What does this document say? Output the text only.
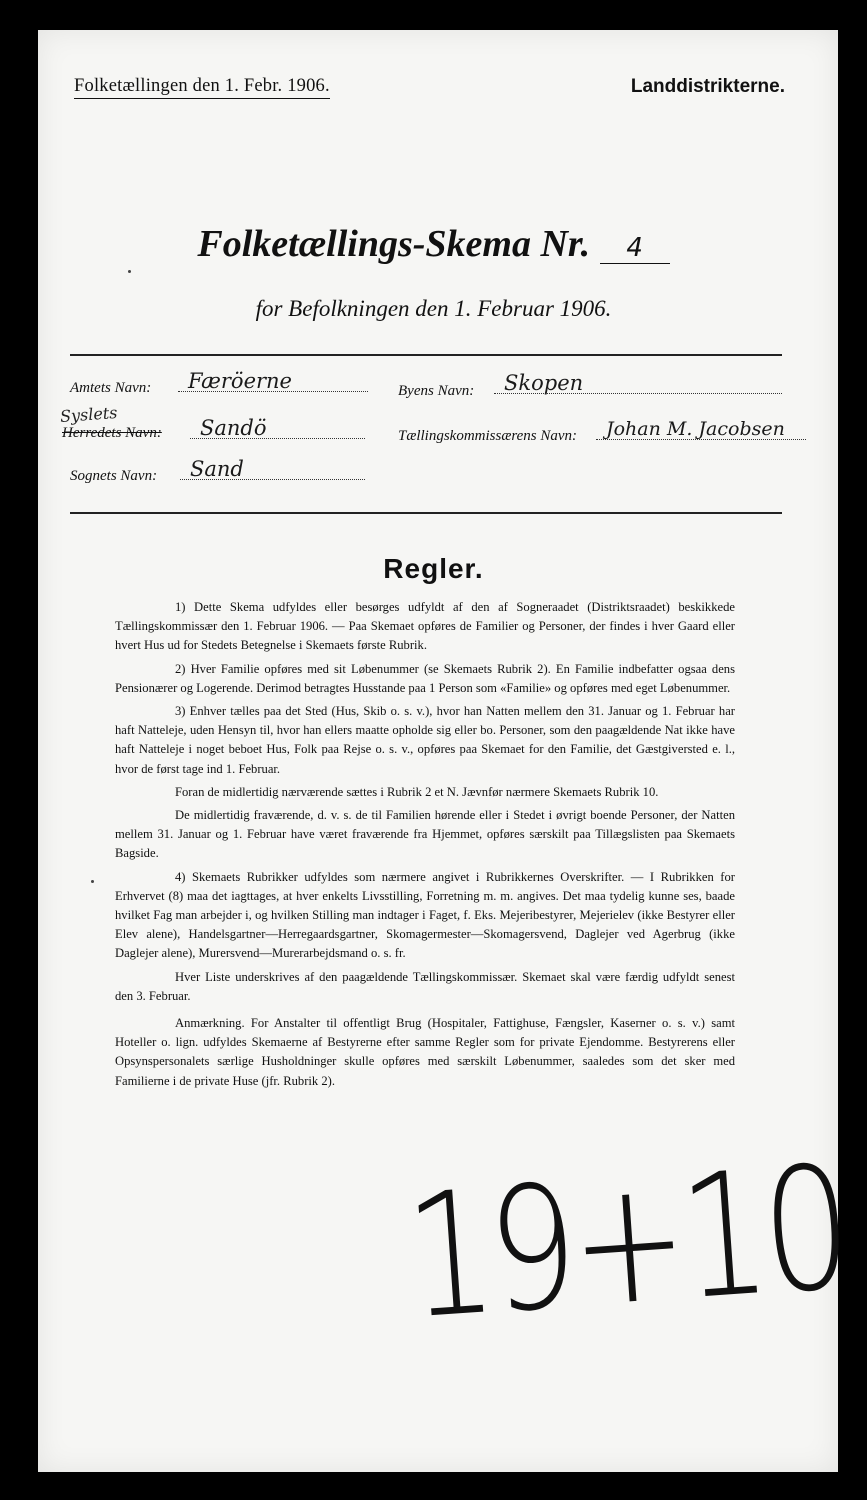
Folketællingen den 1. Febr. 1906.	Landdistrikterne.
Folketællings-Skema Nr. 4
for Befolkningen den 1. Februar 1906.
Amtets Navn:	Færöerne
Syslets
Herredets Navn:	Sandö
Sognets Navn:	Sand
Byens Navn:	Skopen
Tællingskommissærens Navn:	Johan M. Jacobsen
Regler.

1) Dette Skema udfyldes eller besørges udfyldt af den af Sogneraadet (Distriktsraadet) beskikkede Tællingskommissær den 1. Februar 1906. — Paa Skemaet opføres de Familier og Personer, der findes i hver Gaard eller hvert Hus ud for Stedets Betegnelse i Skemaets første Rubrik.

2) Hver Familie opføres med sit Løbenummer (se Skemaets Rubrik 2). En Familie indbefatter ogsaa dens Pensionærer og Logerende. Derimod betragtes Husstande paa 1 Person som «Familie» og opføres med eget Løbenummer.

3) Enhver tælles paa det Sted (Hus, Skib o. s. v.), hvor han Natten mellem den 31. Januar og 1. Februar har haft Natteleje, uden Hensyn til, hvor han ellers maatte opholde sig eller bo. Personer, som den paagældende Nat ikke have haft Natteleje i noget beboet Hus, Folk paa Rejse o. s. v., opføres paa Skemaet for den Familie, det Gæstgiversted e. l., hvor de først tage ind 1. Februar.

Foran de midlertidig nærværende sættes i Rubrik 2 et N. Jævnfør nærmere Skemaets Rubrik 10.

De midlertidig fraværende, d. v. s. de til Familien hørende eller i Stedet i øvrigt boende Personer, der Natten mellem 31. Januar og 1. Februar have været fraværende fra Hjemmet, opføres særskilt paa Tillægslisten paa Skemaets Bagside.

4) Skemaets Rubrikker udfyldes som nærmere angivet i Rubrikkernes Overskrifter. — I Rubrikken for Erhvervet (8) maa det iagttages, at hver enkelts Livsstilling, Forretning m. m. angives. Det maa tydelig kunne ses, baade hvilket Fag man arbejder i, og hvilken Stilling man indtager i Faget, f. Eks. Mejeribestyrer, Mejerielev (ikke Bestyrer eller Elev alene), Handelsgartner—Herregaardsgartner, Skomagermester—Skomagersvend, Daglejer ved Agerbrug (ikke Daglejer alene), Murersvend—Murerarbejdsmand o. s. fr.

Hver Liste underskrives af den paagældende Tællingskommissær. Skemaet skal være færdig udfyldt senest den 3. Februar.

Anmærkning. For Anstalter til offentligt Brug (Hospitaler, Fattighuse, Fængsler, Kaserner o. s. v.) samt Hoteller o. lign. udfyldes Skemaerne af Bestyrerne efter samme Regler som for private Ejendomme. Bestyrerens eller Opsynspersonalets særlige Husholdninger skulle opføres med særskilt Løbenummer, saaledes som det sker med Familierne i de private Huse (jfr. Rubrik 2).

19+10
